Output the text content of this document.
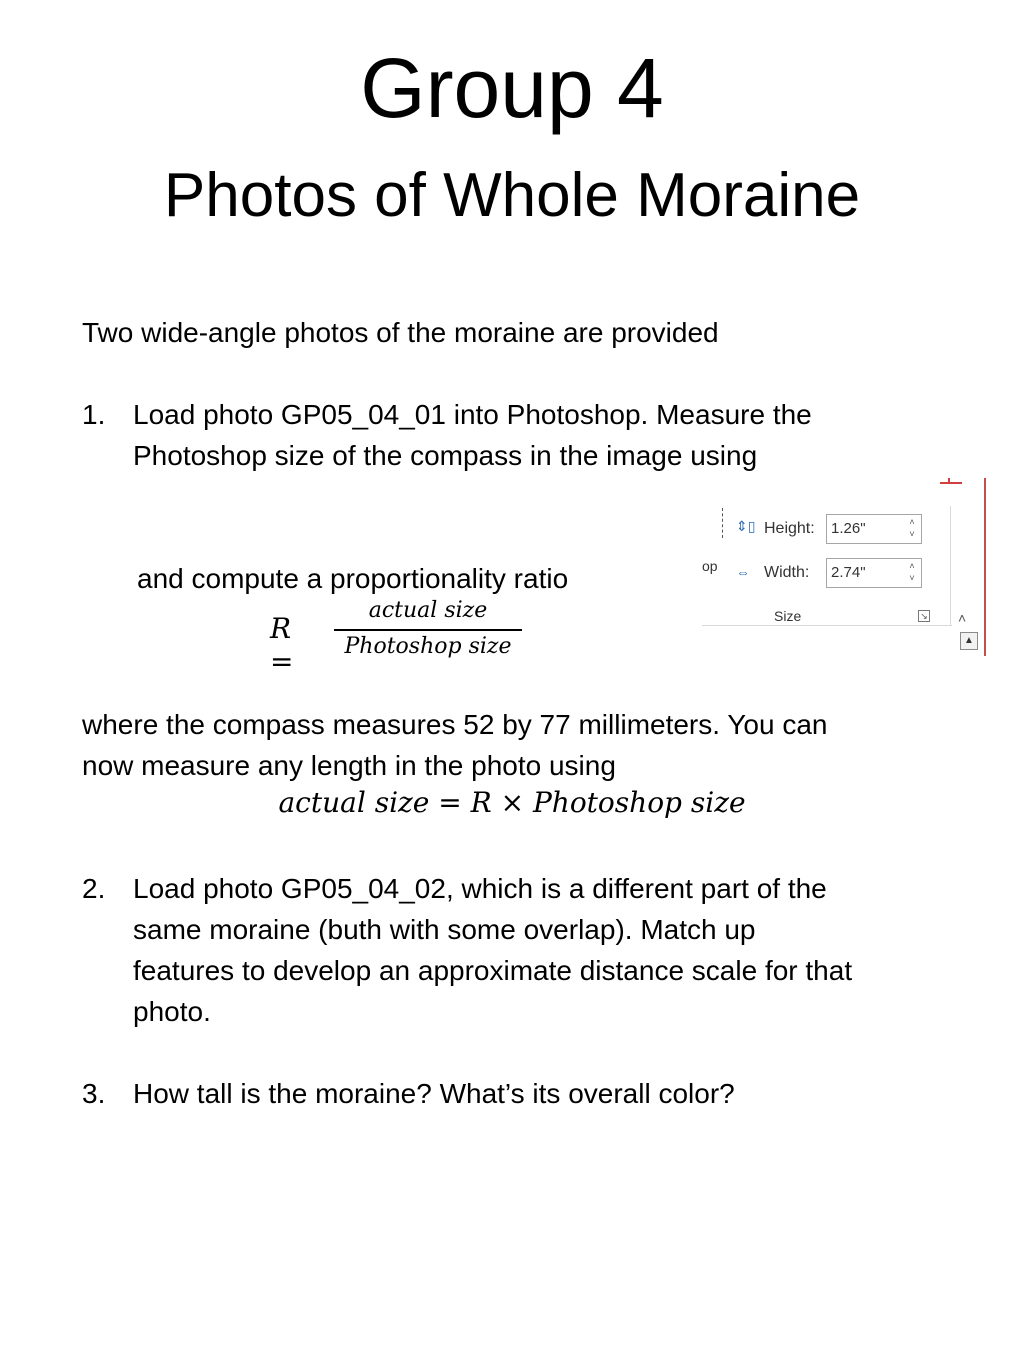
Group 4
Photos of Whole Moraine
Two wide-angle photos of the moraine are provided
1. Load photo GP05_04_01 into Photoshop. Measure the
Photoshop size of the compass in the image using
and compute a proportionality ratio
R =
actual size
Photoshop size
where the compass measures 52 by 77 millimeters. You can
now measure any length in the photo using
actual size = R × Photoshop size
2. Load photo GP05_04_02, which is a different part of the
same moraine (buth with some overlap). Match up
features to develop an approximate distance scale for that
photo.
3. How tall is the moraine? What’s its overall color?
op
⇕▯ Height: 1.26"	˄
˅
⇔ Width: 2.74"	˄
˅
Size	↘ ˄
▲
